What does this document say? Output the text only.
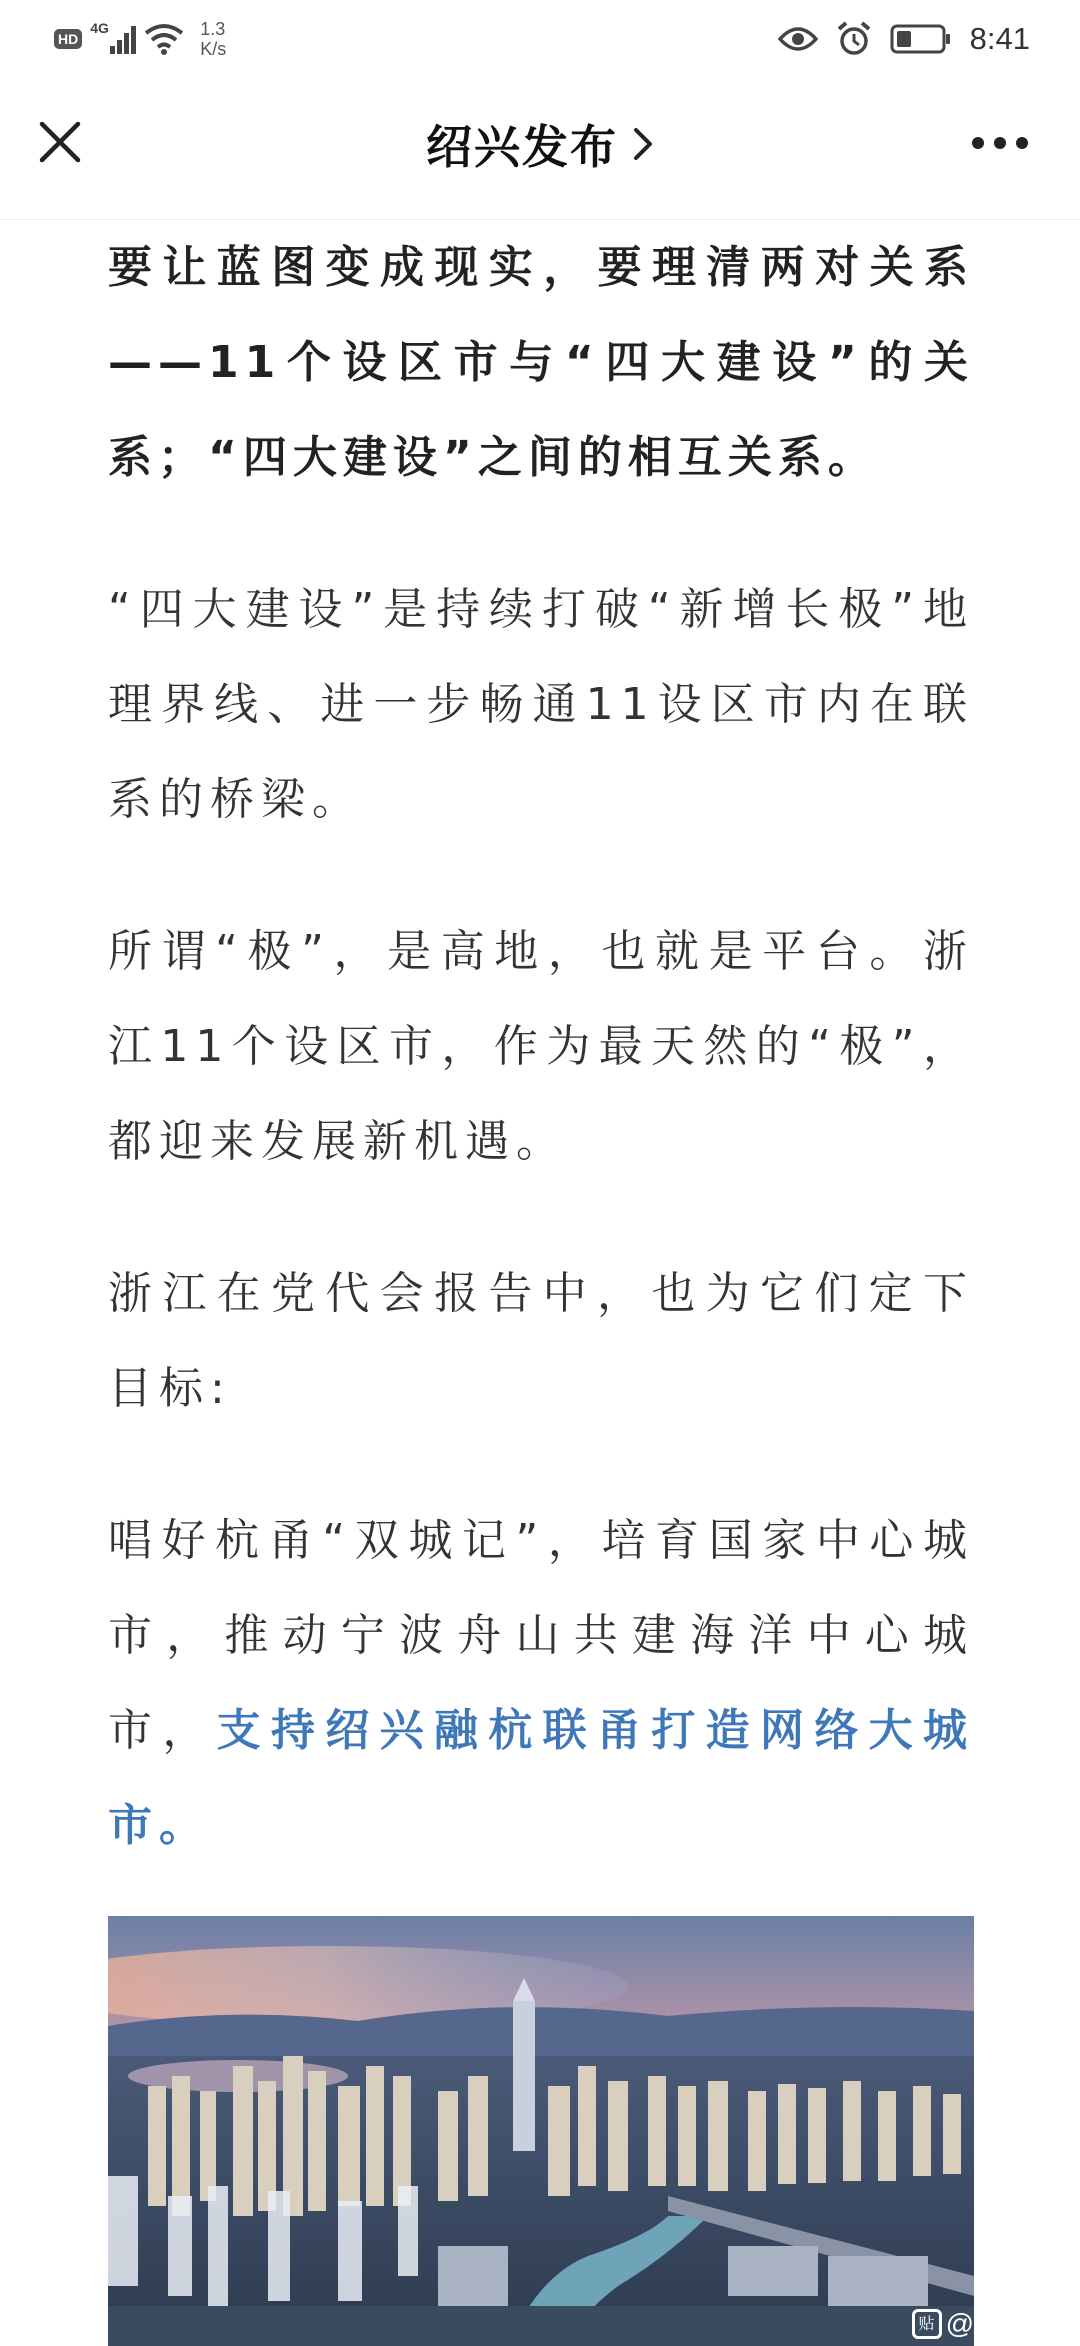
HD
4G	1.3
K/s	8:41
绍兴发布

要让蓝图变成现实，要理清两对关系——11个设区市与“四大建设”的关系；“四大建设”之间的相互关系。

“四大建设”是持续打破“新增长极”地理界线、进一步畅通11设区市内在联系的桥梁。

所谓“极”，是高地，也就是平台。浙江11个设区市，作为最天然的“极”，都迎来发展新机遇。

浙江在党代会报告中，也为它们定下目标:

唱好杭甬“双城记”，培育国家中心城市，推动宁波舟山共建海洋中心城市，支持绍兴融杭联甬打造网络大城市。

贴 @
